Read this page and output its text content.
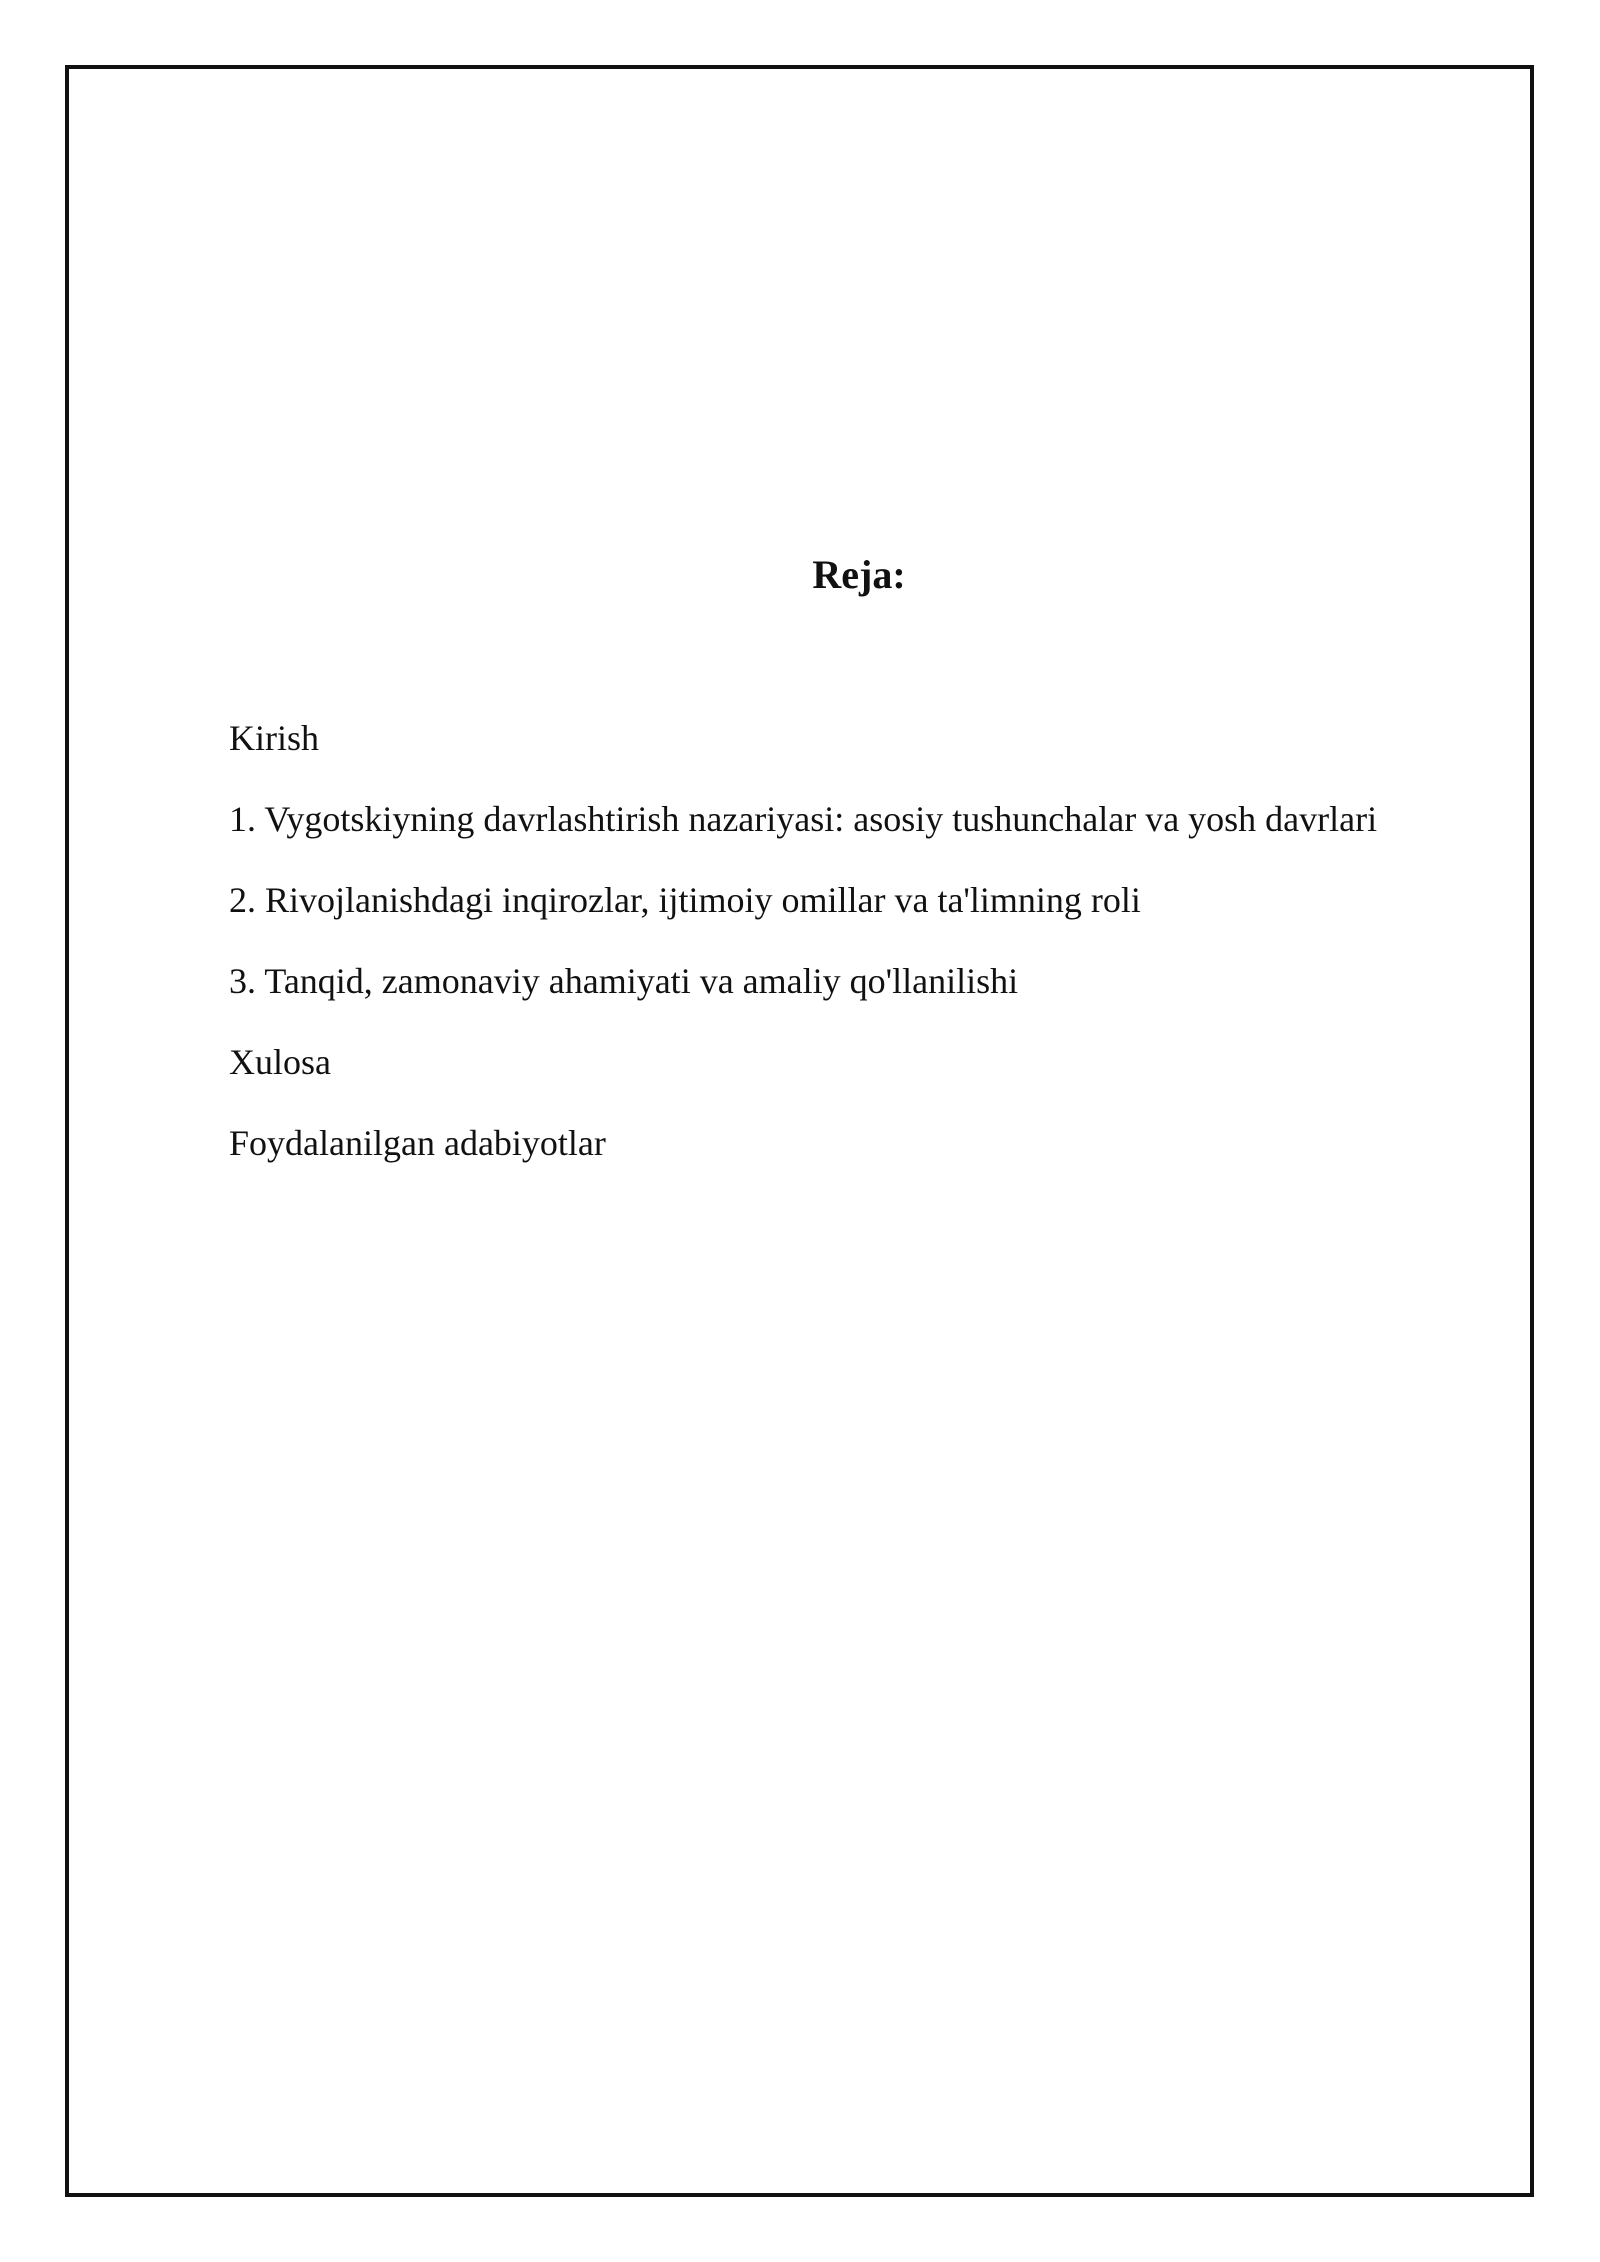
Reja:
Kirish
1. Vygotskiyning davrlashtirish nazariyasi: asosiy tushunchalar va yosh davrlari
2. Rivojlanishdagi inqirozlar, ijtimoiy omillar va ta'limning roli
3. Tanqid, zamonaviy ahamiyati va amaliy qo'llanilishi
Xulosa
Foydalanilgan adabiyotlar
